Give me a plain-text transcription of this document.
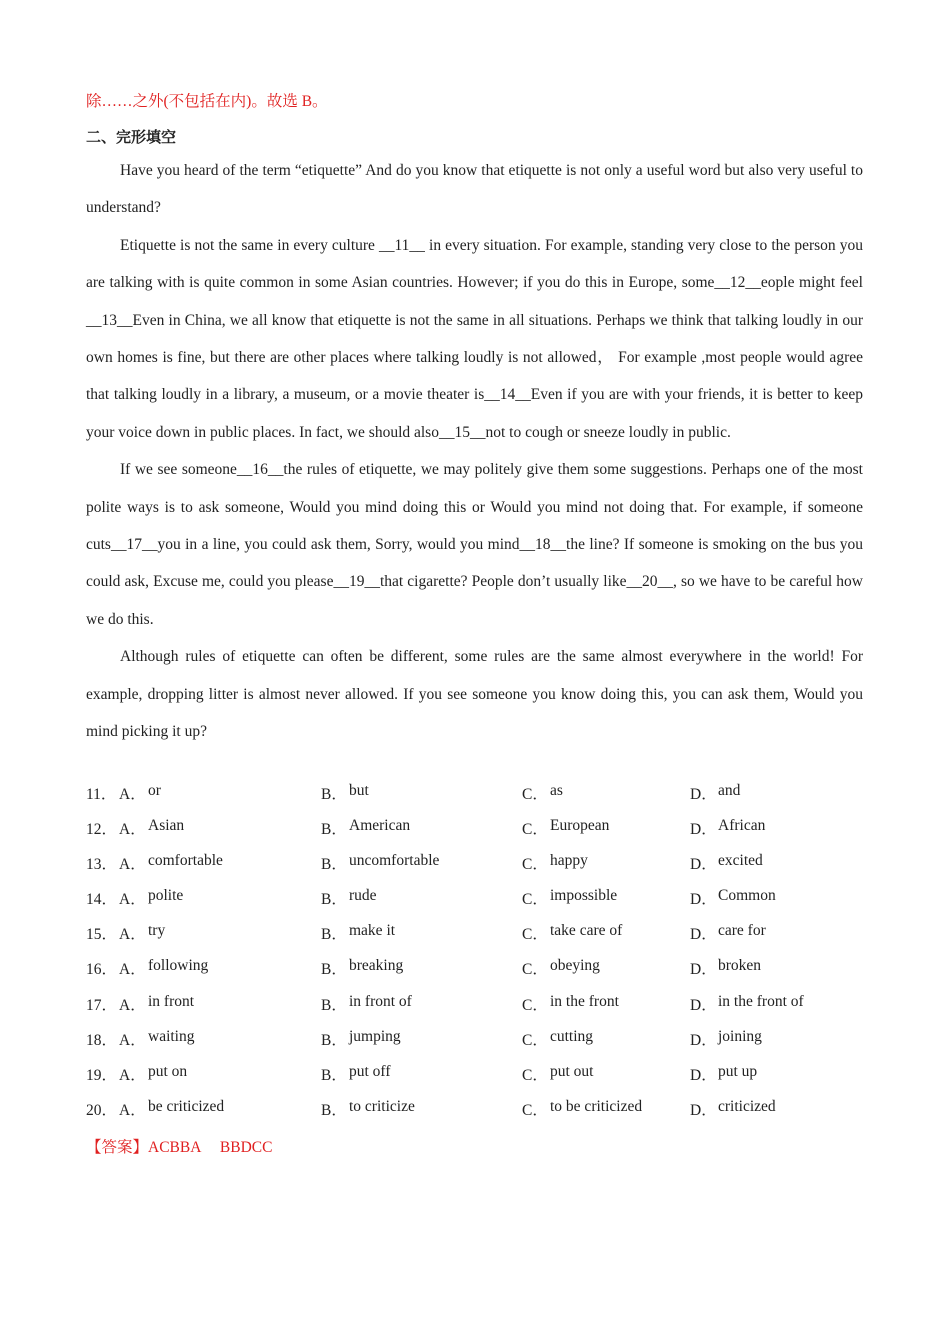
除……之外(不包括在内)。故选 B。
二、完形填空

Have you heard of the term “etiquette” And do you know that etiquette is not only a useful word but also very useful to understand?

Etiquette is not the same in every culture __11__ in every situation. For example, standing very close to the person you are talking with is quite common in some Asian countries. However; if you do this in Europe, some__12__eople might feel __13__Even in China, we all know that etiquette is not the same in all situations. Perhaps we think that talking loudly in our own homes is fine, but there are other places where talking loudly is not allowed， For example ,most people would agree that talking loudly in a library, a museum, or a movie theater is__14__Even if you are with your friends, it is better to keep your voice down in public places. In fact, we should also__15__not to cough or sneeze loudly in public.

If we see someone__16__the rules of etiquette, we may politely give them some suggestions. Perhaps one of the most polite ways is to ask someone, Would you mind doing this or Would you mind not doing that. For example, if someone cuts__17__you in a line, you could ask them, Sorry, would you mind__18__the line? If someone is smoking on the bus you could ask, Excuse me, could you please__19__that cigarette? People don’t usually like__20__, so we have to be careful how we do this.

Although rules of etiquette can often be different, some rules are the same almost everywhere in the world! For example, dropping litter is almost never allowed. If you see someone you know doing this, you can ask them, Would you mind picking it up?

11． A． or	B． but	C． as	D． and
12． A． Asian	B． American	C． European	D． African
13． A． comfortable	B． uncomfortable	C． happy	D． excited
14． A． polite	B． rude	C． impossible	D． Common
15． A． try	B． make it	C． take care of	D． care for
16． A． following	B． breaking	C． obeying	D． broken
17． A． in front	B． in front of	C． in the front	D． in the front of
18． A． waiting	B． jumping	C． cutting	D． joining
19． A． put on	B． put off	C． put out	D． put up
20． A． be criticized	B． to criticize	C． to be criticized	D． criticized
【答案】ACBBA     BBDCC
